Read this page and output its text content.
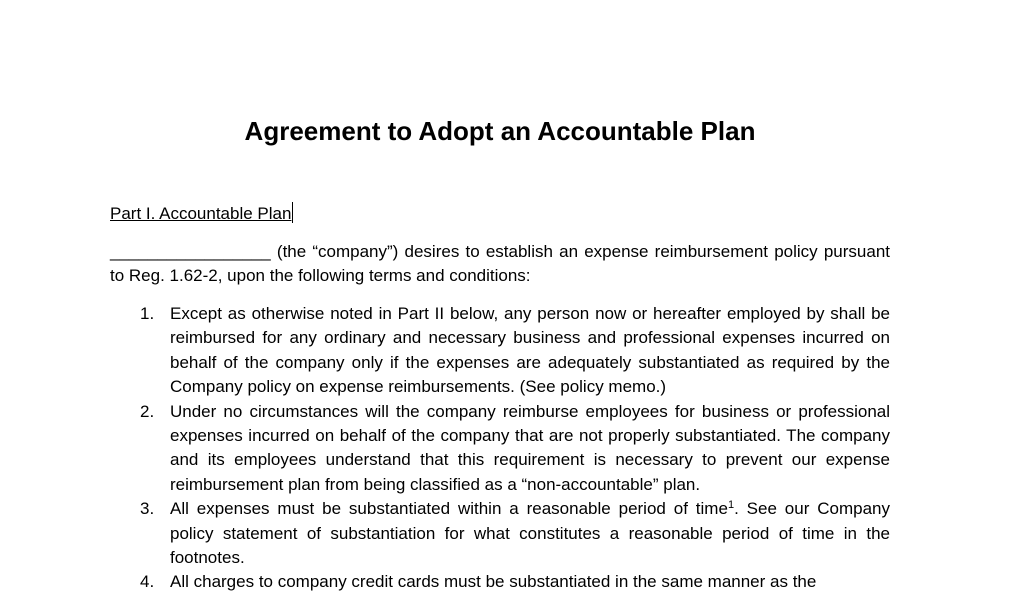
Agreement to Adopt an Accountable Plan

Part I. Accountable Plan

_________________ (the “company”) desires to establish an expense reimbursement policy pursuant to Reg. 1.62-2, upon the following terms and conditions:

1. Except as otherwise noted in Part II below, any person now or hereafter employed by shall be reimbursed for any ordinary and necessary business and professional expenses incurred on behalf of the company only if the expenses are adequately substantiated as required by the Company policy on expense reimbursements. (See policy memo.)
2. Under no circumstances will the company reimburse employees for business or professional expenses incurred on behalf of the company that are not properly substantiated. The company and its employees understand that this requirement is necessary to prevent our expense reimbursement plan from being classified as a “non-accountable” plan.
3. All expenses must be substantiated within a reasonable period of time$^1$. See our Company policy statement of substantiation for what constitutes a reasonable period of time in the footnotes.
4. All charges to company credit cards must be substantiated in the same manner as the
